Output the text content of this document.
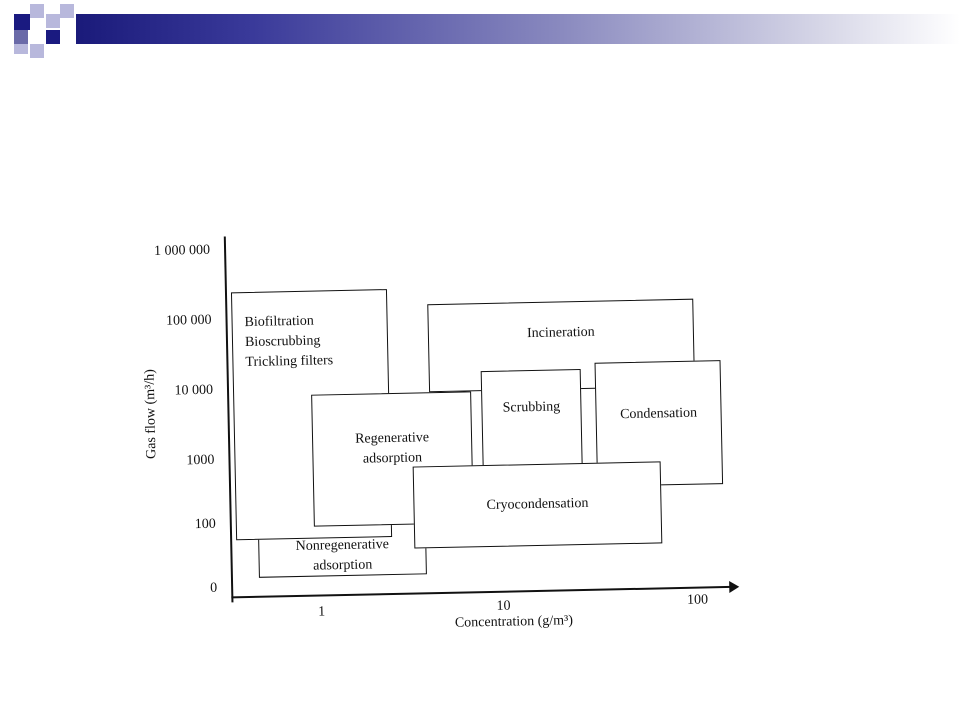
1 000 000
100 000
10 000
1000
100
0
1	10	100
Gas flow (m³/h)
Concentration (g/m³)
Nonregenerative
adsorption
Biofiltration
Bioscrubbing
Trickling filters
Incineration
Condensation
Scrubbing
Regenerative
adsorption
Cryocondensation
